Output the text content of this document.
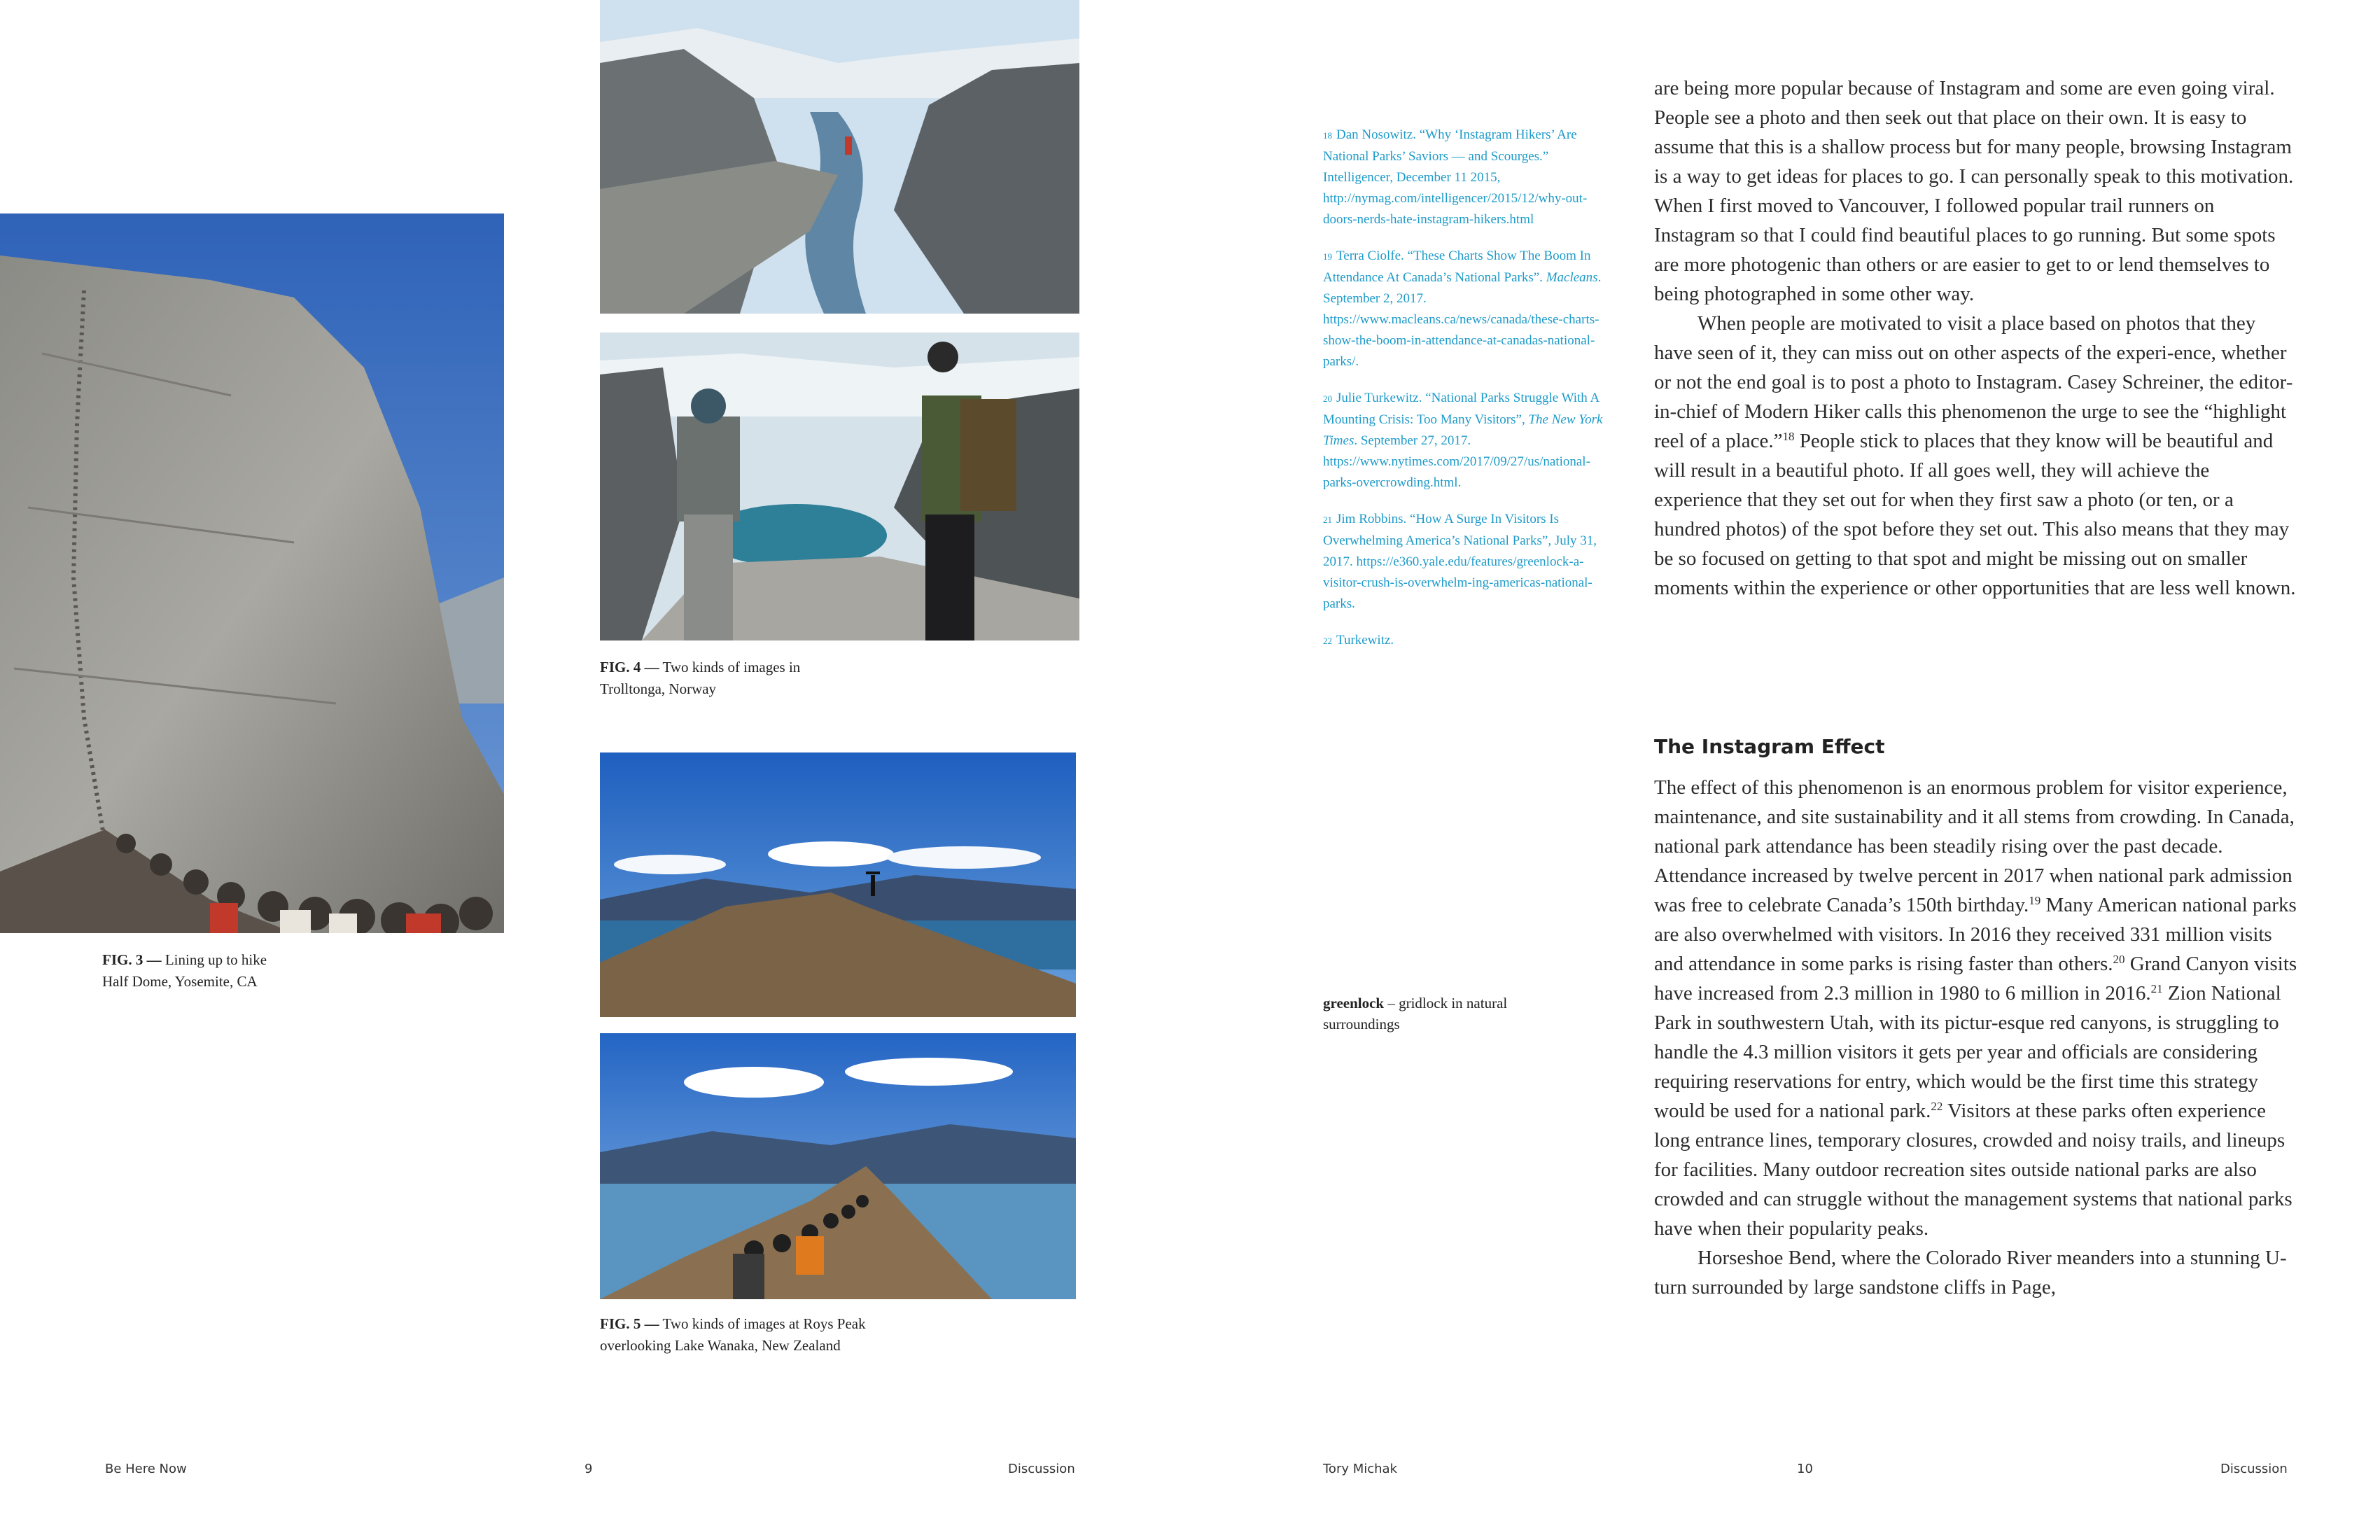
FIG. 3 — Lining up to hike
Half Dome, Yosemite, CA
FIG. 4 — Two kinds of images in
Trolltonga, Norway
FIG. 5 — Two kinds of images at Roys Peak
overlooking Lake Wanaka, New Zealand

18 Dan Nosowitz. “Why ‘Instagram Hikers’ Are National Parks’ Saviors — and Scourges.” Intelligencer, December 11 2015, http://nymag.com/intelligencer/2015/12/why-out-doors-nerds-hate-instagram-hikers.html

19 Terra Ciolfe. “These Charts Show The Boom In Attendance At Canada’s National Parks”. Macleans. September 2, 2017. https://www.macleans.ca/news/canada/these-charts-show-the-boom-in-attendance-at-canadas-national-parks/.

20 Julie Turkewitz. “National Parks Struggle With A Mounting Crisis: Too Many Visitors”, The New York Times. September 27, 2017. https://www.nytimes.com/2017/09/27/us/national-parks-overcrowding.html.

21 Jim Robbins. “How A Surge In Visitors Is Overwhelming America’s National Parks”, July 31, 2017. https://e360.yale.edu/features/greenlock-a-visitor-crush-is-overwhelm-ing-americas-national-parks.

22 Turkewitz.

greenlock – gridlock in natural surroundings

are being more popular because of Instagram and some are even going viral. People see a photo and then seek out that place on their own. It is easy to assume that this is a shallow process but for many people, browsing Instagram is a way to get ideas for places to go. I can personally speak to this motivation. When I first moved to Vancouver, I followed popular trail runners on Instagram so that I could find beautiful places to go running. But some spots are more photogenic than others or are easier to get to or lend themselves to being photographed in some other way.

When people are motivated to visit a place based on photos that they have seen of it, they can miss out on other aspects of the experi-ence, whether or not the end goal is to post a photo to Instagram. Casey Schreiner, the editor-in-chief of Modern Hiker calls this phenomenon the urge to see the “highlight reel of a place.”$^{18}$ People stick to places that they know will be beautiful and will result in a beautiful photo. If all goes well, they will achieve the experience that they set out for when they first saw a photo (or ten, or a hundred photos) of the spot before they set out. This also means that they may be so focused on getting to that spot and might be missing out on smaller moments within the experience or other opportunities that are less well known.

The Instagram Effect

The effect of this phenomenon is an enormous problem for visitor experience, maintenance, and site sustainability and it all stems from crowding. In Canada, national park attendance has been steadily rising over the past decade. Attendance increased by twelve percent in 2017 when national park admission was free to celebrate Canada’s 150th birthday.$^{19}$ Many American national parks are also overwhelmed with visitors. In 2016 they received 331 million visits and attendance in some parks is rising faster than others.$^{20}$ Grand Canyon visits have increased from 2.3 million in 1980 to 6 million in 2016.21 Zion National Park in southwestern Utah, with its pictur-esque red canyons, is struggling to handle the 4.3 million visitors it gets per year and officials are considering requiring reservations for entry, which would be the first time this strategy would be used for a national park.$^{22}$ Visitors at these parks often experience long entrance lines, temporary closures, crowded and noisy trails, and lineups for facilities. Many outdoor recreation sites outside national parks are also crowded and can struggle without the management systems that national parks have when their popularity peaks.

Horseshoe Bend, where the Colorado River meanders into a stunning U-turn surrounded by large sandstone cliffs in Page,

Be Here Now	9	Discussion	Tory Michak	10	Discussion
